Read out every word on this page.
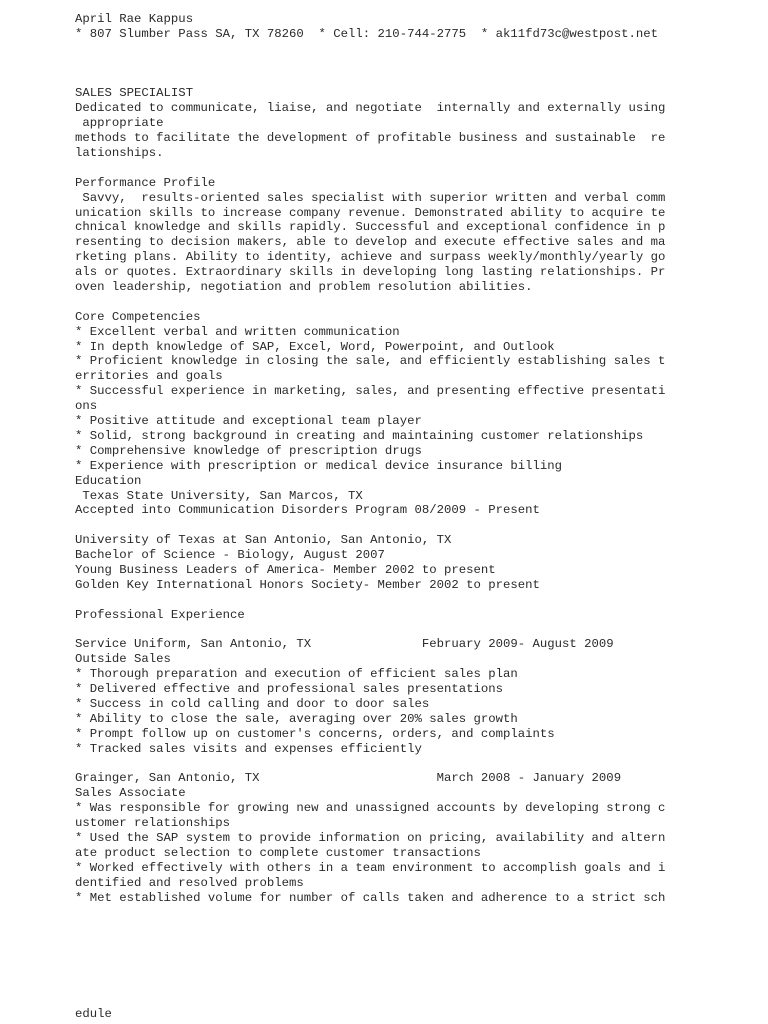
April Rae Kappus
* 807 Slumber Pass SA, TX 78260  * Cell: 210-744-2775  * ak11fd73c@westpost.net
SALES SPECIALIST
Dedicated to communicate, liaise, and negotiate  internally and externally using
appropriate
methods to facilitate the development of profitable business and sustainable  re
lationships.
Performance Profile
Savvy,  results-oriented sales specialist with superior written and verbal comm
unication skills to increase company revenue. Demonstrated ability to acquire te
chnical knowledge and skills rapidly. Successful and exceptional confidence in p
resenting to decision makers, able to develop and execute effective sales and ma
rketing plans. Ability to identity, achieve and surpass weekly/monthly/yearly go
als or quotes. Extraordinary skills in developing long lasting relationships. Pr
oven leadership, negotiation and problem resolution abilities.
Core Competencies
* Excellent verbal and written communication
* In depth knowledge of SAP, Excel, Word, Powerpoint, and Outlook
* Proficient knowledge in closing the sale, and efficiently establishing sales t
erritories and goals
* Successful experience in marketing, sales, and presenting effective presentati
ons
* Positive attitude and exceptional team player
* Solid, strong background in creating and maintaining customer relationships
* Comprehensive knowledge of prescription drugs
* Experience with prescription or medical device insurance billing
Education
Texas State University, San Marcos, TX
Accepted into Communication Disorders Program 08/2009 - Present
University of Texas at San Antonio, San Antonio, TX
Bachelor of Science - Biology, August 2007
Young Business Leaders of America- Member 2002 to present
Golden Key International Honors Society- Member 2002 to present
Professional Experience
Service Uniform, San Antonio, TX               February 2009- August 2009
Outside Sales
* Thorough preparation and execution of efficient sales plan
* Delivered effective and professional sales presentations
* Success in cold calling and door to door sales
* Ability to close the sale, averaging over 20% sales growth
* Prompt follow up on customer's concerns, orders, and complaints
* Tracked sales visits and expenses efficiently
Grainger, San Antonio, TX                        March 2008 - January 2009
Sales Associate
* Was responsible for growing new and unassigned accounts by developing strong c
ustomer relationships
* Used the SAP system to provide information on pricing, availability and altern
ate product selection to complete customer transactions
* Worked effectively with others in a team environment to accomplish goals and i
dentified and resolved problems
* Met established volume for number of calls taken and adherence to a strict sch
edule
